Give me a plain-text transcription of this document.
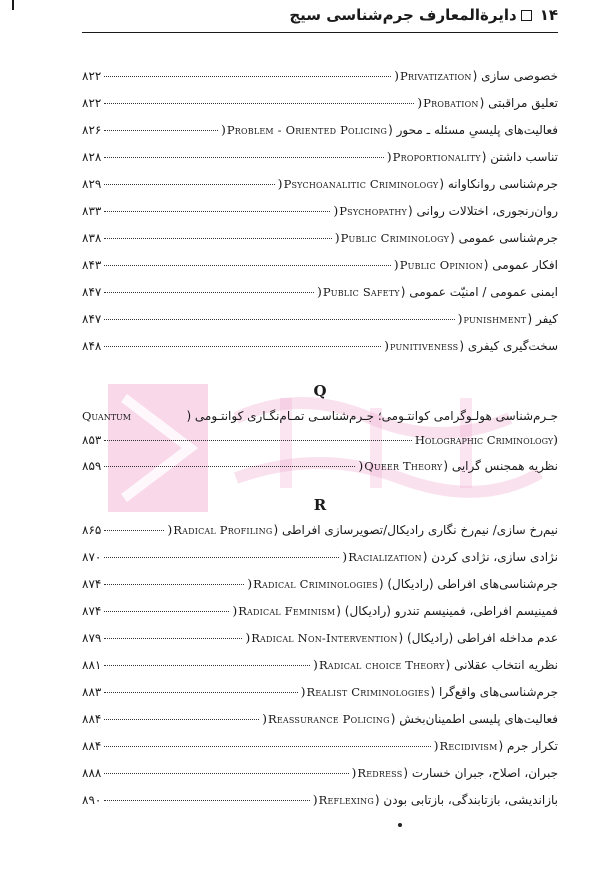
۱۴دایرةالمعارف جرم‌شناسی سیج
خصوصی سازی
(
Privatization
)
۸۲۲
تعلیق مراقبتی
(
Probation
)
۸۲۲
فعالیت‌های پلیسیِ مسئله ـ محور
(
Problem - Oriented Policing
)
۸۲۶
تناسب داشتن
(
Proportionality
)
۸۲۸
جرم‌شناسی روانکاوانه
(
Psychoanalitic Criminology
)
۸۲۹
روان‌رنجوری، اختلالات روانی
(
Psychopathy
)
۸۳۳
جرم‌شناسی عمومی
(
Public Criminology
)
۸۳۸
افکار عمومی
(
Public Opinion
)
۸۴۳
ایمنی عمومی / امنیّت عمومی
(
Public Safety
)
۸۴۷
کیفر
(
punishment
)
۸۴۷
سخت‌گیری کیفری
(
punitiveness
)
۸۴۸
Q
Quantum	جـرم‌شناسی هولـوگرامی کوانتـومی؛ جـرم‌شناسـی تمـام‌نگـاری کوانتـومی (
)
Holographic Criminology
۸۵۳
نظریه همجنس گرایی
(
Queer Theory
)
۸۵۹
R
نیم‌رخ سازی/ نیم‌رخ نگاری رادیکال/تصویرسازی افراطی
(
Radical Profiling
)
۸۶۵
نژادی سازی، نژادی کردن
(
Racialization
)
۸۷۰
جرم‌شناسی‌های افراطی (رادیکال)
(
Radical Criminologies
)
۸۷۴
فمینیسم افراطی، فمینیسم تندرو (رادیکال)
(
Radical Feminism
)
۸۷۴
عدم مداخله افراطی (رادیکال)
(
Radical Non-Intervention
)
۸۷۹
نظریه انتخاب عقلانی
(
Radical choice Theory
)
۸۸۱
جرم‌شناسی‌های واقع‌گرا
(
Realist Criminologies
)
۸۸۳
فعالیت‌های پلیسی اطمینان‌بخش
(
Reassurance Policing
)
۸۸۴
تکرار جرم
(
Recidivism
)
۸۸۴
جبران، اصلاح، جبران خسارت
(
Redress
)
۸۸۸
بازاندیشی، بازتابندگی، بازتابی بودن
(
Reflexing
)
۸۹۰
